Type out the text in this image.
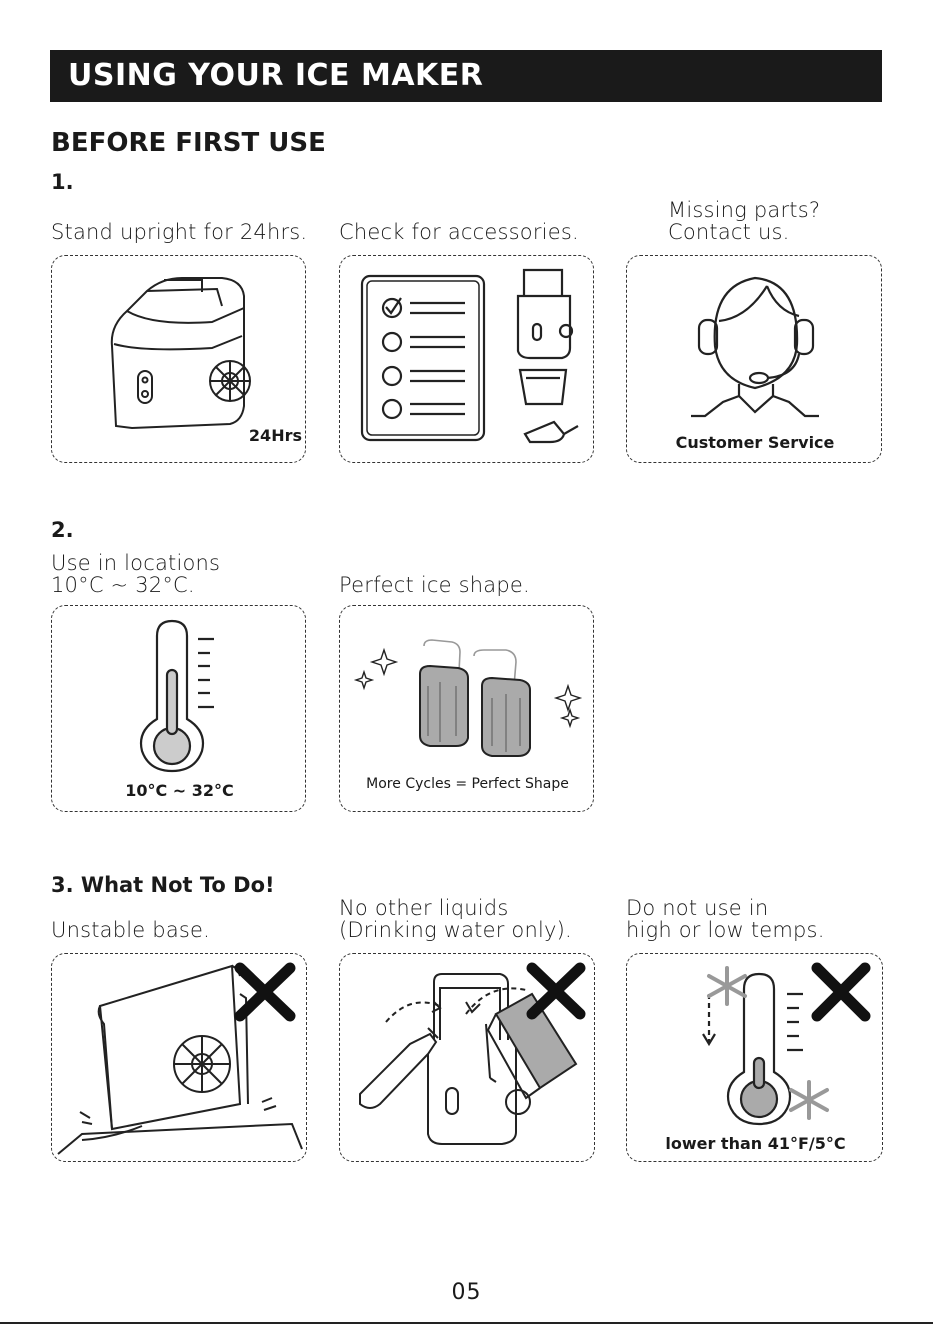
USING YOUR ICE MAKER
BEFORE FIRST USE
1.
Stand upright for 24hrs. Check for accessories.
Missing parts?
Contact us.
24Hrs	Customer Service
2.
Use in locations
10°C ~ 32°C.	Perfect ice shape.
10°C ~ 32°C	More Cycles = Perfect Shape
3. What Not To Do!
Unstable base.
No other liquids
(Drinking water only).
Do not use in
high or low temps.
lower than 41°F/5°C
05
